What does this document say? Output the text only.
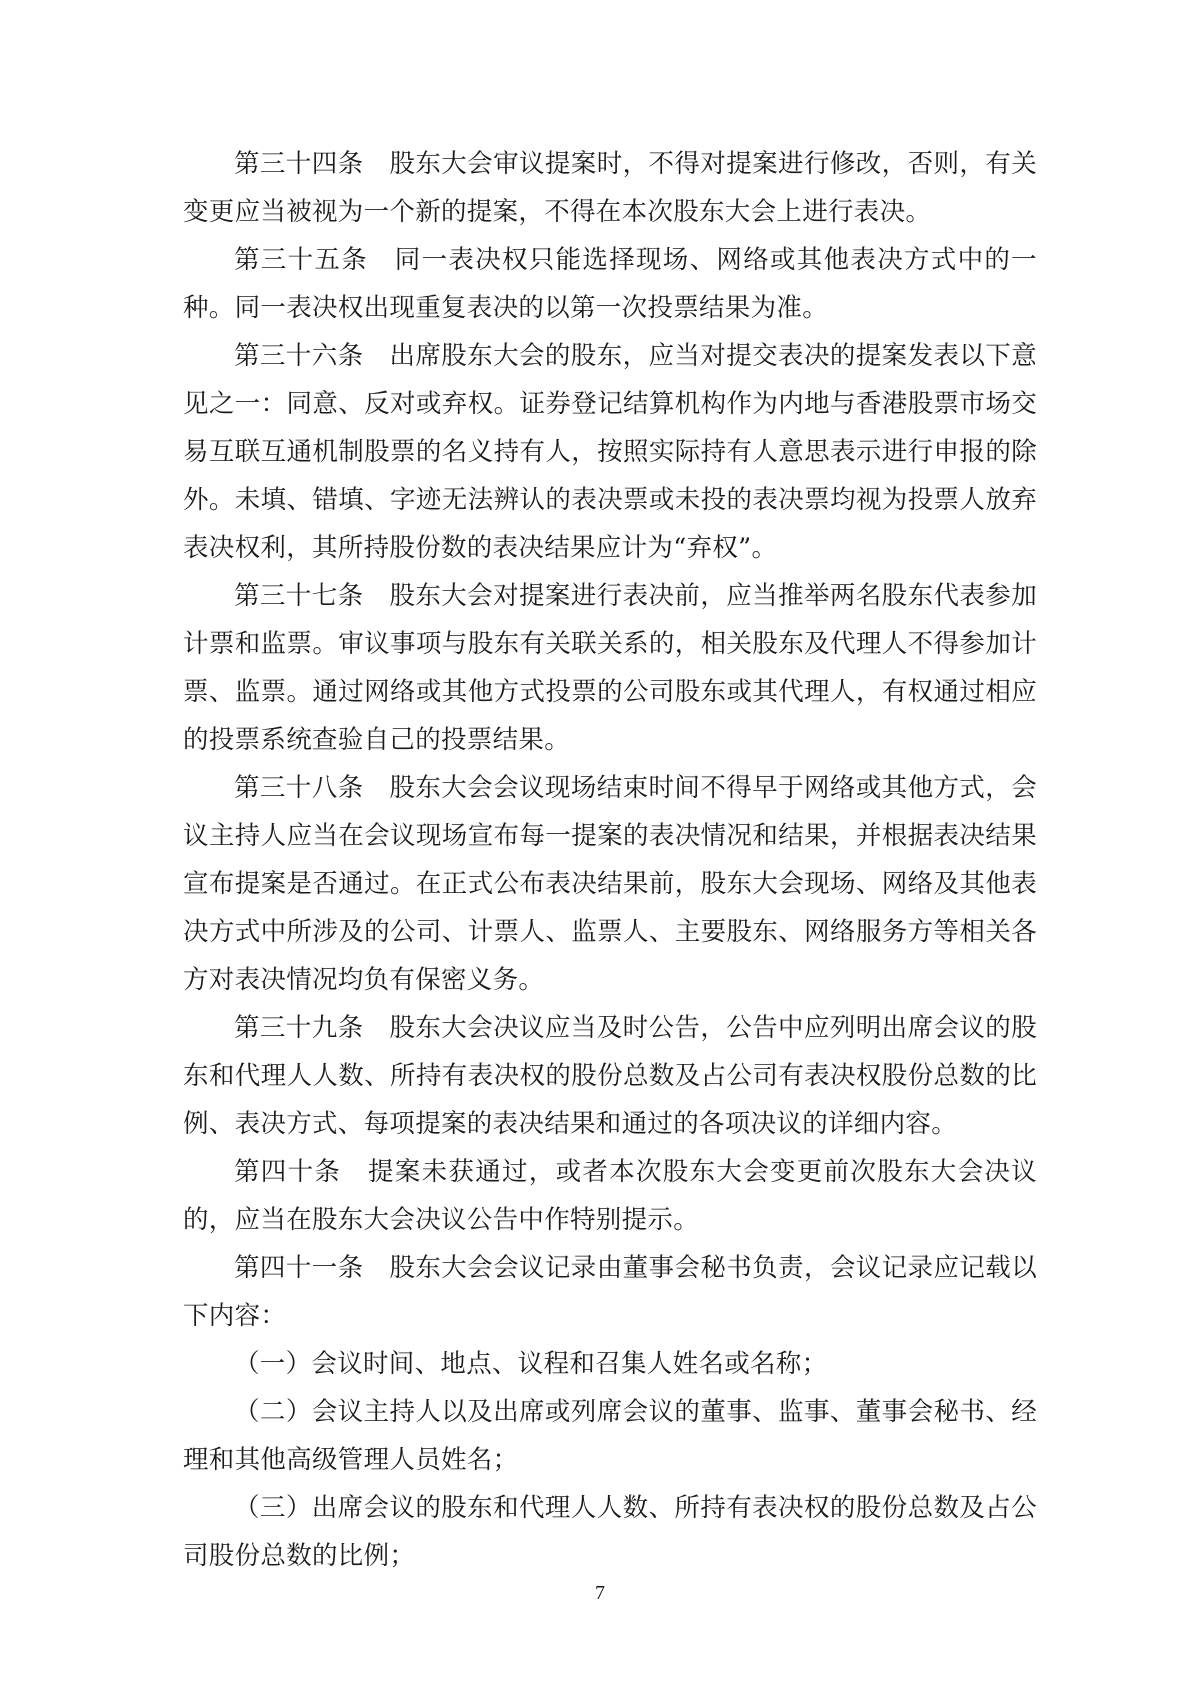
第三十四条　股东大会审议提案时，不得对提案进行修改，否则，有关变更应当被视为一个新的提案，不得在本次股东大会上进行表决。

第三十五条　同一表决权只能选择现场、网络或其他表决方式中的一种。同一表决权出现重复表决的以第一次投票结果为准。

第三十六条　出席股东大会的股东，应当对提交表决的提案发表以下意见之一：同意、反对或弃权。证券登记结算机构作为内地与香港股票市场交易互联互通机制股票的名义持有人，按照实际持有人意思表示进行申报的除外。未填、错填、字迹无法辨认的表决票或未投的表决票均视为投票人放弃表决权利，其所持股份数的表决结果应计为“弃权”。

第三十七条　股东大会对提案进行表决前，应当推举两名股东代表参加计票和监票。审议事项与股东有关联关系的，相关股东及代理人不得参加计票、监票。通过网络或其他方式投票的公司股东或其代理人，有权通过相应的投票系统查验自己的投票结果。

第三十八条　股东大会会议现场结束时间不得早于网络或其他方式，会议主持人应当在会议现场宣布每一提案的表决情况和结果，并根据表决结果宣布提案是否通过。在正式公布表决结果前，股东大会现场、网络及其他表决方式中所涉及的公司、计票人、监票人、主要股东、网络服务方等相关各方对表决情况均负有保密义务。

第三十九条　股东大会决议应当及时公告，公告中应列明出席会议的股东和代理人人数、所持有表决权的股份总数及占公司有表决权股份总数的比例、表决方式、每项提案的表决结果和通过的各项决议的详细内容。

第四十条　提案未获通过，或者本次股东大会变更前次股东大会决议的，应当在股东大会决议公告中作特别提示。

第四十一条　股东大会会议记录由董事会秘书负责，会议记录应记载以下内容：

（一）会议时间、地点、议程和召集人姓名或名称；

（二）会议主持人以及出席或列席会议的董事、监事、董事会秘书、经理和其他高级管理人员姓名；

（三）出席会议的股东和代理人人数、所持有表决权的股份总数及占公司股份总数的比例；

7
